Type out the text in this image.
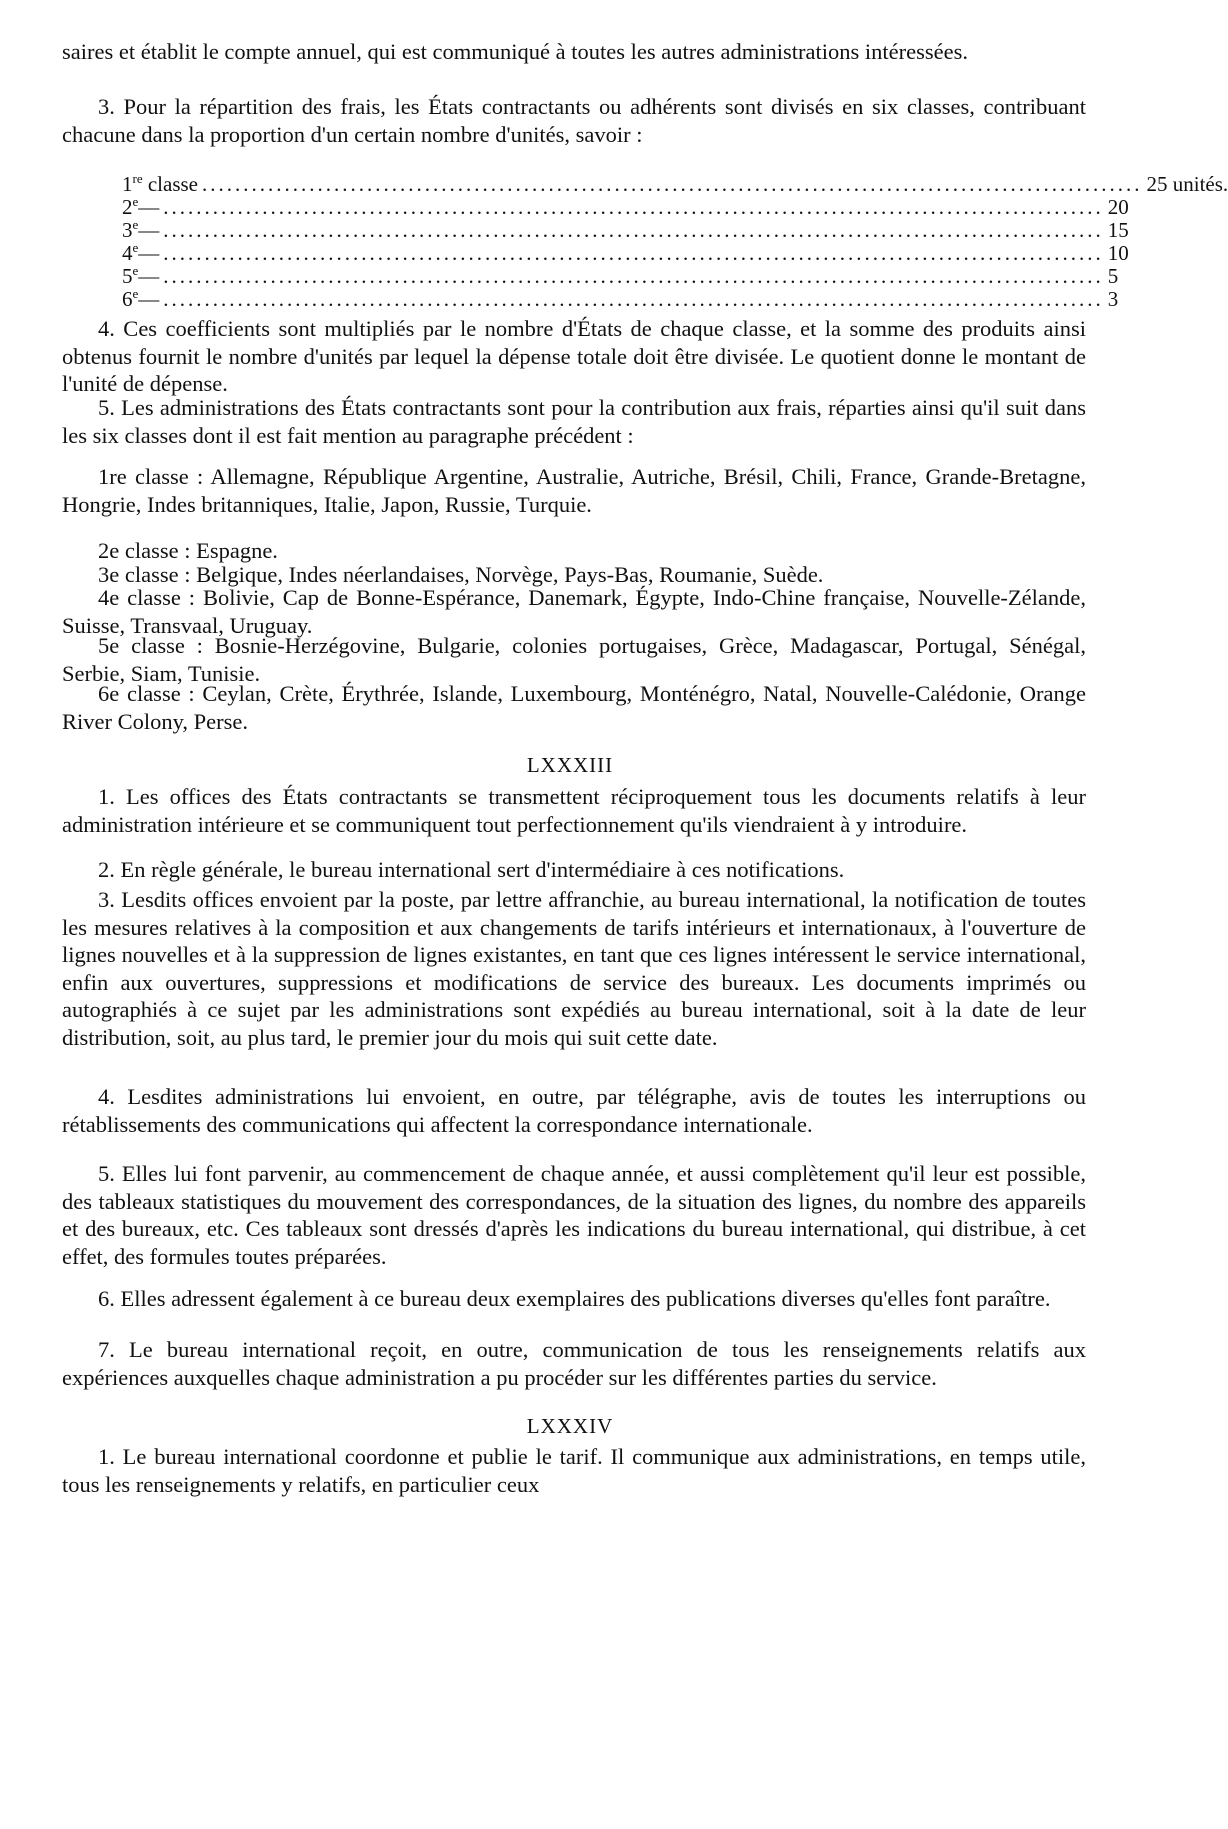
saires et établit le compte annuel, qui est communiqué à toutes les autres administrations intéressées.

3. Pour la répartition des frais, les États contractants ou adhérents sont divisés en six classes, contribuant chacune dans la proportion d'un certain nombre d'unités, savoir :

1re classe .................................................................................................................. 25 unités.
2e — .................................................................................................................. 20
3e — .................................................................................................................. 15
4e — .................................................................................................................. 10
5e — .................................................................................................................. 5
6e — .................................................................................................................. 3

4. Ces coefficients sont multipliés par le nombre d'États de chaque classe, et la somme des produits ainsi obtenus fournit le nombre d'unités par lequel la dépense totale doit être divisée. Le quotient donne le montant de l'unité de dépense.

5. Les administrations des États contractants sont pour la contribution aux frais, réparties ainsi qu'il suit dans les six classes dont il est fait mention au paragraphe précédent :

1re classe : Allemagne, République Argentine, Australie, Autriche, Brésil, Chili, France, Grande-Bretagne, Hongrie, Indes britanniques, Italie, Japon, Russie, Turquie.

2e classe : Espagne.

3e classe : Belgique, Indes néerlandaises, Norvège, Pays-Bas, Roumanie, Suède.

4e classe : Bolivie, Cap de Bonne-Espérance, Danemark, Égypte, Indo-Chine française, Nouvelle-Zélande, Suisse, Transvaal, Uruguay.

5e classe : Bosnie-Herzégovine, Bulgarie, colonies portugaises, Grèce, Madagascar, Portugal, Sénégal, Serbie, Siam, Tunisie.

6e classe : Ceylan, Crète, Érythrée, Islande, Luxembourg, Monténégro, Natal, Nouvelle-Calédonie, Orange River Colony, Perse.

LXXXIII

1. Les offices des États contractants se transmettent réciproquement tous les documents relatifs à leur administration intérieure et se communiquent tout perfectionnement qu'ils viendraient à y introduire.

2. En règle générale, le bureau international sert d'intermédiaire à ces notifications.

3. Lesdits offices envoient par la poste, par lettre affranchie, au bureau international, la notification de toutes les mesures relatives à la composition et aux changements de tarifs intérieurs et internationaux, à l'ouverture de lignes nouvelles et à la suppression de lignes existantes, en tant que ces lignes intéressent le service international, enfin aux ouvertures, suppressions et modifications de service des bureaux. Les documents imprimés ou autographiés à ce sujet par les administrations sont expédiés au bureau international, soit à la date de leur distribution, soit, au plus tard, le premier jour du mois qui suit cette date.

4. Lesdites administrations lui envoient, en outre, par télégraphe, avis de toutes les interruptions ou rétablissements des communications qui affectent la correspondance internationale.

5. Elles lui font parvenir, au commencement de chaque année, et aussi complètement qu'il leur est possible, des tableaux statistiques du mouvement des correspondances, de la situation des lignes, du nombre des appareils et des bureaux, etc. Ces tableaux sont dressés d'après les indications du bureau international, qui distribue, à cet effet, des formules toutes préparées.

6. Elles adressent également à ce bureau deux exemplaires des publications diverses qu'elles font paraître.

7. Le bureau international reçoit, en outre, communication de tous les renseignements relatifs aux expériences auxquelles chaque administration a pu procéder sur les différentes parties du service.

LXXXIV

1. Le bureau international coordonne et publie le tarif. Il communique aux administrations, en temps utile, tous les renseignements y relatifs, en particulier ceux
